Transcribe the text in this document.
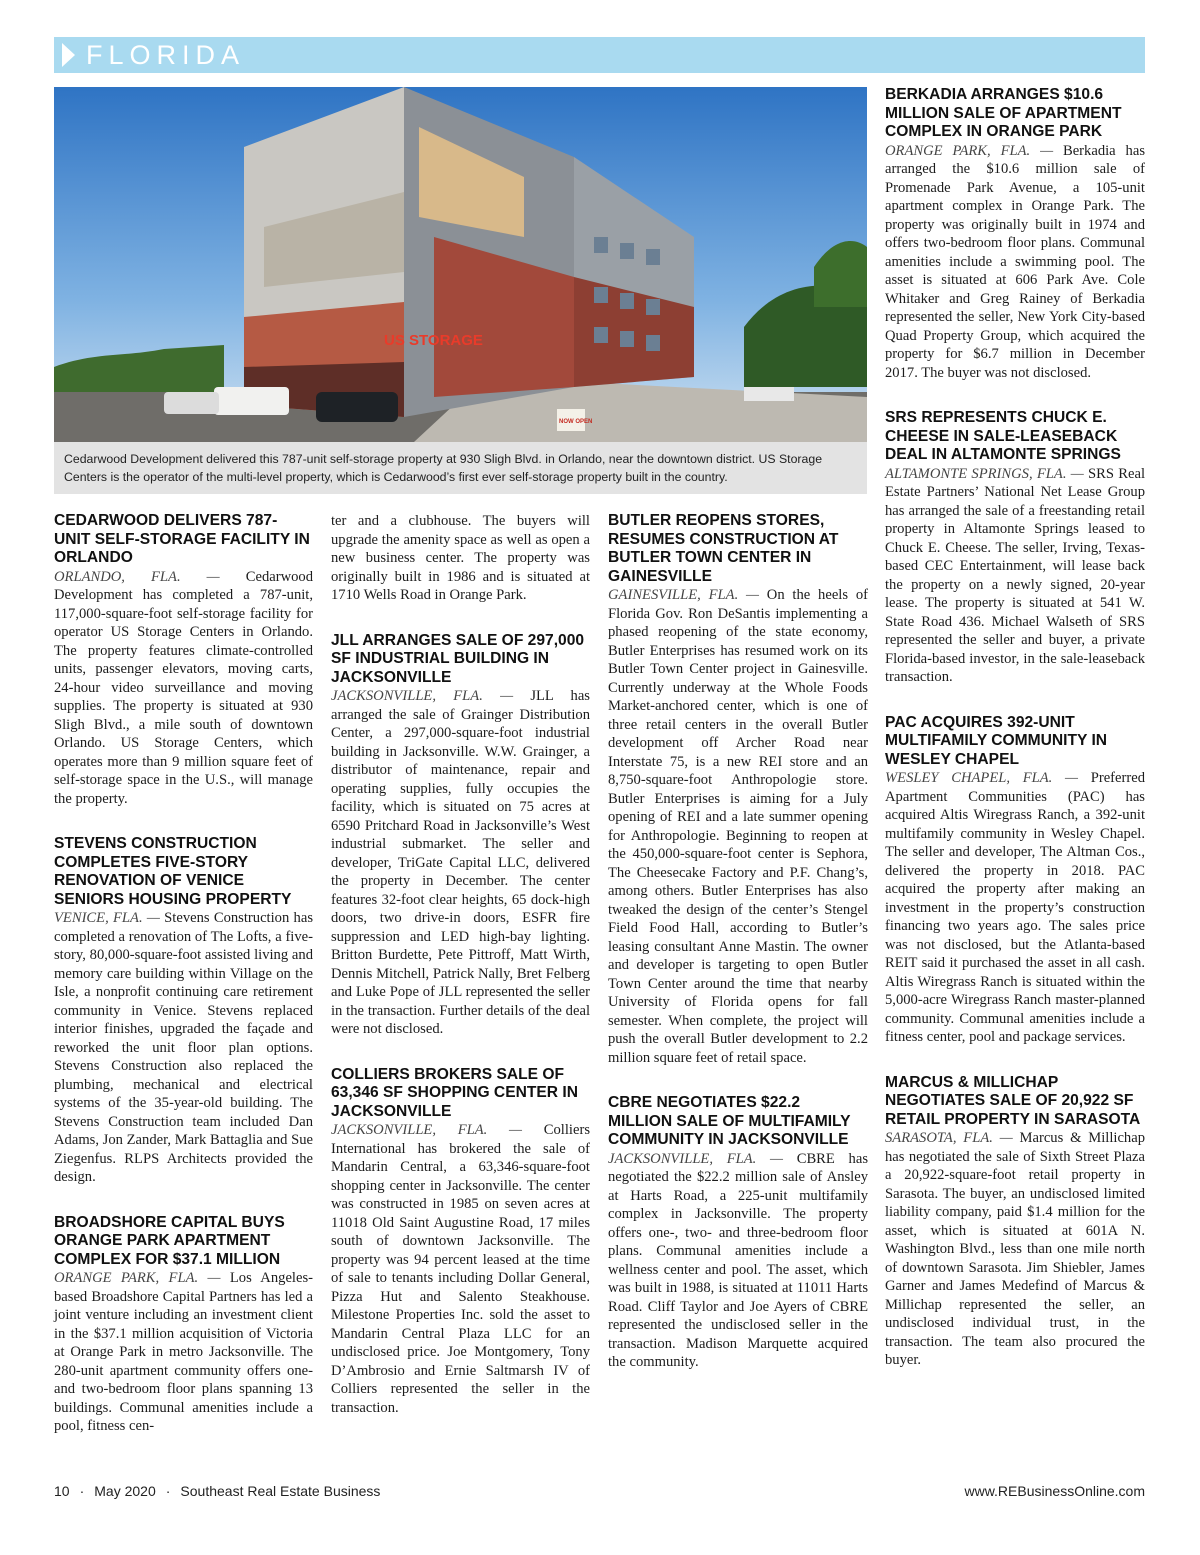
FLORIDA
US STORAGE
NOW OPEN
Cedarwood Development delivered this 787-unit self-storage property at 930 Sligh Blvd. in Orlando, near the downtown district. US Storage Centers is the operator of the multi-level property, which is Cedarwood’s first ever self-storage property built in the country.
CEDARWOOD DELIVERS 787-UNIT SELF-STORAGE FACILITY IN ORLANDO

ORLANDO, FLA. — Cedarwood Development has completed a 787-unit, 117,000-square-foot self-storage facility for operator US Storage Centers in Orlando. The property features climate-controlled units, passenger elevators, moving carts, 24-hour video surveillance and moving supplies. The property is situated at 930 Sligh Blvd., a mile south of downtown Orlando. US Storage Centers, which operates more than 9 million square feet of self-storage space in the U.S., will manage the property.

STEVENS CONSTRUCTION COMPLETES FIVE-STORY RENOVATION OF VENICE SENIORS HOUSING PROPERTY

VENICE, FLA. — Stevens Construction has completed a renovation of The Lofts, a five-story, 80,000-square-foot assisted living and memory care building within Village on the Isle, a nonprofit continuing care retirement community in Venice. Stevens replaced interior finishes, upgraded the façade and reworked the unit floor plan options. Stevens Construction also replaced the plumbing, mechanical and electrical systems of the 35-year-old building. The Stevens Construction team included Dan Adams, Jon Zander, Mark Battaglia and Sue Ziegenfus. RLPS Architects provided the design.

BROADSHORE CAPITAL BUYS ORANGE PARK APARTMENT COMPLEX FOR $37.1 MILLION

ORANGE PARK, FLA. — Los Angeles-based Broadshore Capital Partners has led a joint venture including an investment client in the $37.1 million acquisition of Victoria at Orange Park in metro Jacksonville. The 280-unit apartment community offers one- and two-bedroom floor plans spanning 13 buildings. Communal amenities include a pool, fitness cen-

ter and a clubhouse. The buyers will upgrade the amenity space as well as open a new business center. The property was originally built in 1986 and is situated at 1710 Wells Road in Orange Park.

JLL ARRANGES SALE OF 297,000 SF INDUSTRIAL BUILDING IN JACKSONVILLE

JACKSONVILLE, FLA. — JLL has arranged the sale of Grainger Distribution Center, a 297,000-square-foot industrial building in Jacksonville. W.W. Grainger, a distributor of maintenance, repair and operating supplies, fully occupies the facility, which is situated on 75 acres at 6590 Pritchard Road in Jacksonville’s West industrial submarket. The seller and developer, TriGate Capital LLC, delivered the property in December. The center features 32-foot clear heights, 65 dock-high doors, two drive-in doors, ESFR fire suppression and LED high-bay lighting. Britton Burdette, Pete Pittroff, Matt Wirth, Dennis Mitchell, Patrick Nally, Bret Felberg and Luke Pope of JLL represented the seller in the transaction. Further details of the deal were not disclosed.

COLLIERS BROKERS SALE OF 63,346 SF SHOPPING CENTER IN JACKSONVILLE

JACKSONVILLE, FLA. — Colliers International has brokered the sale of Mandarin Central, a 63,346-square-foot shopping center in Jacksonville. The center was constructed in 1985 on seven acres at 11018 Old Saint Augustine Road, 17 miles south of downtown Jacksonville. The property was 94 percent leased at the time of sale to tenants including Dollar General, Pizza Hut and Salento Steakhouse. Milestone Properties Inc. sold the asset to Mandarin Central Plaza LLC for an undisclosed price. Joe Montgomery, Tony D’Ambrosio and Ernie Saltmarsh IV of Colliers represented the seller in the transaction.

BUTLER REOPENS STORES, RESUMES CONSTRUCTION AT BUTLER TOWN CENTER IN GAINESVILLE

GAINESVILLE, FLA. — On the heels of Florida Gov. Ron DeSantis implementing a phased reopening of the state economy, Butler Enterprises has resumed work on its Butler Town Center project in Gainesville. Currently underway at the Whole Foods Market-anchored center, which is one of three retail centers in the overall Butler development off Archer Road near Interstate 75, is a new REI store and an 8,750-square-foot Anthropologie store. Butler Enterprises is aiming for a July opening of REI and a late summer opening for Anthropologie. Beginning to reopen at the 450,000-square-foot center is Sephora, The Cheesecake Factory and P.F. Chang’s, among others. Butler Enterprises has also tweaked the design of the center’s Stengel Field Food Hall, according to Butler’s leasing consultant Anne Mastin. The owner and developer is targeting to open Butler Town Center around the time that nearby University of Florida opens for fall semester. When complete, the project will push the overall Butler development to 2.2 million square feet of retail space.

CBRE NEGOTIATES $22.2 MILLION SALE OF MULTIFAMILY COMMUNITY IN JACKSONVILLE

JACKSONVILLE, FLA. — CBRE has negotiated the $22.2 million sale of Ansley at Harts Road, a 225-unit multifamily complex in Jacksonville. The property offers one-, two- and three-bedroom floor plans. Communal amenities include a wellness center and pool. The asset, which was built in 1988, is situated at 11011 Harts Road. Cliff Taylor and Joe Ayers of CBRE represented the undisclosed seller in the transaction. Madison Marquette acquired the community.

BERKADIA ARRANGES $10.6 MILLION SALE OF APARTMENT COMPLEX IN ORANGE PARK

ORANGE PARK, FLA. — Berkadia has arranged the $10.6 million sale of Promenade Park Avenue, a 105-unit apartment complex in Orange Park. The property was originally built in 1974 and offers two-bedroom floor plans. Communal amenities include a swimming pool. The asset is situated at 606 Park Ave. Cole Whitaker and Greg Rainey of Berkadia represented the seller, New York City-based Quad Property Group, which acquired the property for $6.7 million in December 2017. The buyer was not disclosed.

SRS REPRESENTS CHUCK E. CHEESE IN SALE-LEASEBACK DEAL IN ALTAMONTE SPRINGS

ALTAMONTE SPRINGS, FLA. — SRS Real Estate Partners’ National Net Lease Group has arranged the sale of a freestanding retail property in Altamonte Springs leased to Chuck E. Cheese. The seller, Irving, Texas-based CEC Entertainment, will lease back the property on a newly signed, 20-year lease. The property is situated at 541 W. State Road 436. Michael Walseth of SRS represented the seller and buyer, a private Florida-based investor, in the sale-leaseback transaction.

PAC ACQUIRES 392-UNIT MULTIFAMILY COMMUNITY IN WESLEY CHAPEL

WESLEY CHAPEL, FLA. — Preferred Apartment Communities (PAC) has acquired Altis Wiregrass Ranch, a 392-unit multifamily community in Wesley Chapel. The seller and developer, The Altman Cos., delivered the property in 2018. PAC acquired the property after making an investment in the property’s construction financing two years ago. The sales price was not disclosed, but the Atlanta-based REIT said it purchased the asset in all cash. Altis Wiregrass Ranch is situated within the 5,000-acre Wiregrass Ranch master-planned community. Communal amenities include a fitness center, pool and package services.

MARCUS & MILLICHAP NEGOTIATES SALE OF 20,922 SF RETAIL PROPERTY IN SARASOTA

SARASOTA, FLA. — Marcus & Millichap has negotiated the sale of Sixth Street Plaza a 20,922-square-foot retail property in Sarasota. The buyer, an undisclosed limited liability company, paid $1.4 million for the asset, which is situated at 601A N. Washington Blvd., less than one mile north of downtown Sarasota. Jim Shiebler, James Garner and James Medefind of Marcus & Millichap represented the seller, an undisclosed individual trust, in the transaction. The team also procured the buyer.

10 · May 2020 · Southeast Real Estate Business	www.REBusinessOnline.com
